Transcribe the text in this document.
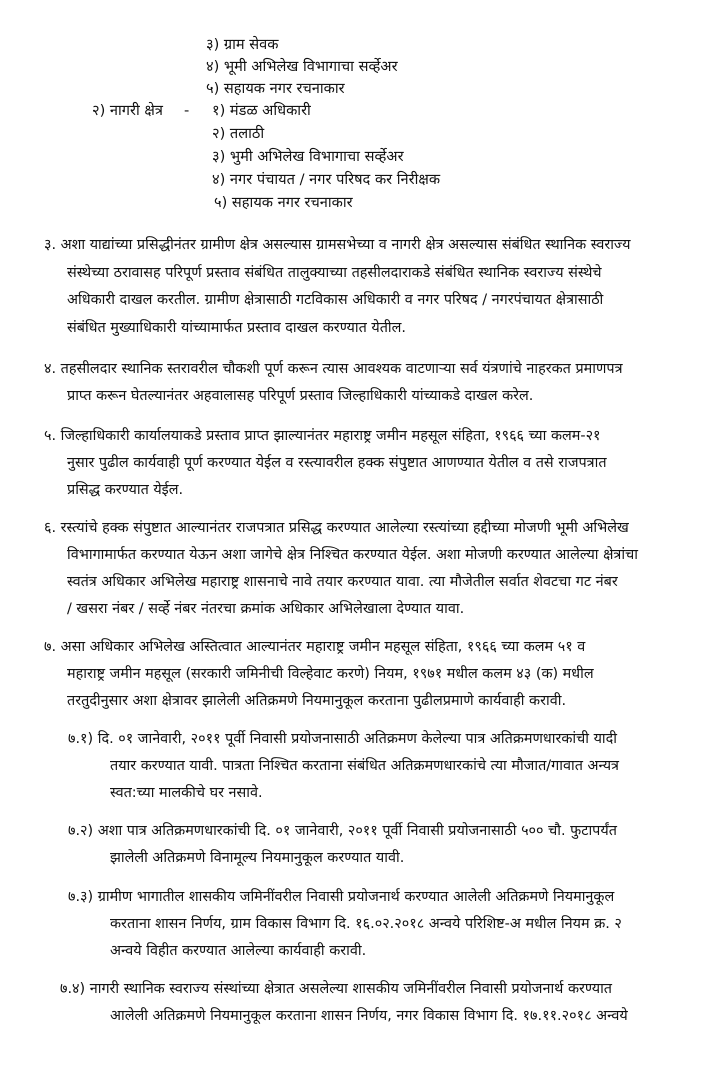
३) ग्राम सेवक
४) भूमी अभिलेख विभागाचा सर्व्हेअर
५) सहायक नगर रचनाकार
२) नागरी क्षेत्र - १) मंडळ अधिकारी
२) तलाठी
३) भुमी अभिलेख विभागाचा सर्व्हेअर
४) नगर पंचायत / नगर परिषद कर निरीक्षक
५) सहायक नगर रचनाकार
३. अशा याद्यांच्या प्रसिद्धीनंतर ग्रामीण क्षेत्र असल्यास ग्रामसभेच्या व नागरी क्षेत्र असल्यास संबंधित स्थानिक स्वराज्य
संस्थेच्या ठरावासह परिपूर्ण प्रस्ताव संबंधित तालुक्याच्या तहसीलदाराकडे संबंधित स्थानिक स्वराज्य संस्थेचे
अधिकारी दाखल करतील. ग्रामीण क्षेत्रासाठी गटविकास अधिकारी व नगर परिषद / नगरपंचायत क्षेत्रासाठी
संबंधित मुख्याधिकारी यांच्यामार्फत प्रस्ताव दाखल करण्यात येतील.
४. तहसीलदार स्थानिक स्तरावरील चौकशी पूर्ण करून त्यास आवश्यक वाटणाऱ्या सर्व यंत्रणांचे नाहरकत प्रमाणपत्र
प्राप्त करून घेतल्यानंतर अहवालासह परिपूर्ण प्रस्ताव जिल्हाधिकारी यांच्याकडे दाखल करेल.
५. जिल्हाधिकारी कार्यालयाकडे प्रस्ताव प्राप्त झाल्यानंतर महाराष्ट्र जमीन महसूल संहिता, १९६६ च्या कलम-२१
नुसार पुढील कार्यवाही पूर्ण करण्यात येईल व रस्त्यावरील हक्क संपुष्टात आणण्यात येतील व तसे राजपत्रात
प्रसिद्ध करण्यात येईल.
६. रस्त्यांचे हक्क संपुष्टात आल्यानंतर राजपत्रात प्रसिद्ध करण्यात आलेल्या रस्त्यांच्या हद्दीच्या मोजणी भूमी अभिलेख
विभागामार्फत करण्यात येऊन अशा जागेचे क्षेत्र निश्चित करण्यात येईल. अशा मोजणी करण्यात आलेल्या क्षेत्रांचा
स्वतंत्र अधिकार अभिलेख महाराष्ट्र शासनाचे नावे तयार करण्यात यावा. त्या मौजेतील सर्वात शेवटचा गट नंबर
/ खसरा नंबर / सर्व्हे नंबर नंतरचा क्रमांक अधिकार अभिलेखाला देण्यात यावा.
७. असा अधिकार अभिलेख अस्तित्वात आल्यानंतर महाराष्ट्र जमीन महसूल संहिता, १९६६ च्या कलम ५१ व
महाराष्ट्र जमीन महसूल (सरकारी जमिनीची विल्हेवाट करणे) नियम, १९७१ मधील कलम ४३ (क) मधील
तरतुदीनुसार अशा क्षेत्रावर झालेली अतिक्रमणे नियमानुकूल करताना पुढीलप्रमाणे कार्यवाही करावी.
७.१) दि. ०१ जानेवारी, २०११ पूर्वी निवासी प्रयोजनासाठी अतिक्रमण केलेल्या पात्र अतिक्रमणधारकांची यादी
तयार करण्यात यावी. पात्रता निश्चित करताना संबंधित अतिक्रमणधारकांचे त्या मौजात/गावात अन्यत्र
स्वत:च्या मालकीचे घर नसावे.
७.२) अशा पात्र अतिक्रमणधारकांची दि. ०१ जानेवारी, २०११ पूर्वी निवासी प्रयोजनासाठी ५०० चौ. फुटापर्यंत
झालेली अतिक्रमणे विनामूल्य नियमानुकूल करण्यात यावी.
७.३) ग्रामीण भागातील शासकीय जमिनींवरील निवासी प्रयोजनार्थ करण्यात आलेली अतिक्रमणे नियमानुकूल
करताना शासन निर्णय, ग्राम विकास विभाग दि. १६.०२.२०१८ अन्वये परिशिष्ट-अ मधील नियम क्र. २
अन्वये विहीत करण्यात आलेल्या कार्यवाही करावी.
७.४) नागरी स्थानिक स्वराज्य संस्थांच्या क्षेत्रात असलेल्या शासकीय जमिनींवरील निवासी प्रयोजनार्थ करण्यात
आलेली अतिक्रमणे नियमानुकूल करताना शासन निर्णय, नगर विकास विभाग दि. १७.११.२०१८ अन्वये
